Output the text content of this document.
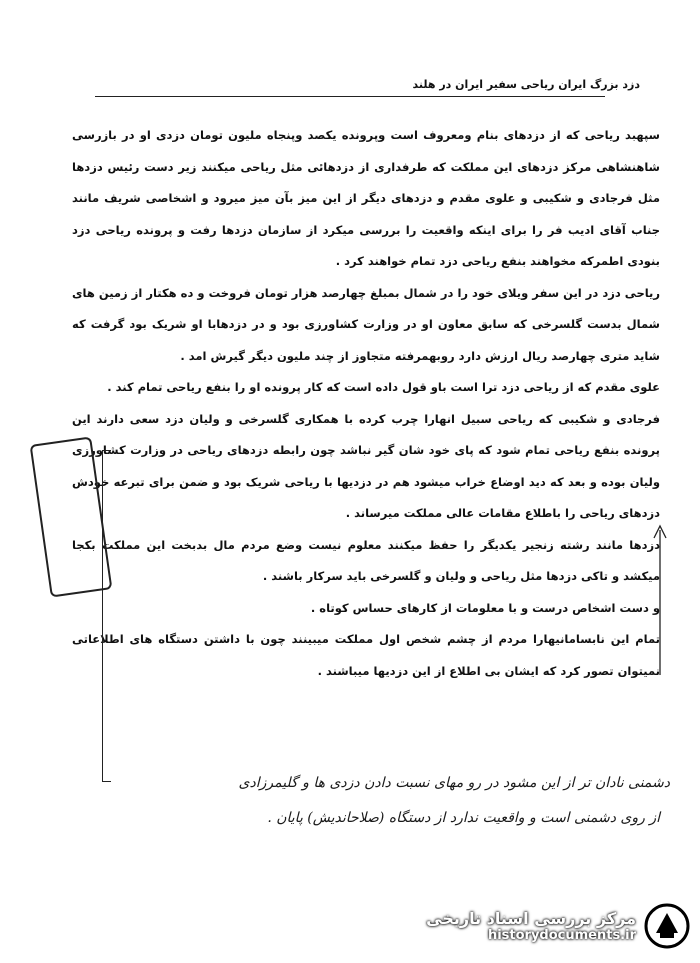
دزد بزرگ ایران ریاحی سفیر ایران در هلند

سپهبد ریاحی که از دزدهای بنام ومعروف است وپرونده یکصد وپنجاه ملیون تومان دزدی او در بازرسی شاهنشاهی مرکز دزدهای این مملکت که طرفداری از دزدهائی مثل ریاحی میکنند زیر دست رئیس دزدها مثل فرجادی و شکیبی و علوی مقدم و دزدهای دیگر از این میز بآن میز میرود و اشخاصی شریف مانند جناب آقای ادیب فر را برای اینکه واقعیت را بررسی میکرد از سازمان دزدها رفت و پرونده ریاحی دزد بنودی اطمرکه مخواهند بنفع ریاحی دزد تمام خواهند کرد .

ریاحی دزد در این سفر ویلای خود را در شمال بمبلغ چهارصد هزار تومان فروخت و ده هکتار از زمین های شمال بدست گلسرخی که سابق معاون او در وزارت کشاورزی بود و در دزدهابا او شریک بود گرفت که شاید متری چهارصد ریال ارزش دارد روبهمرفته متجاوز از چند ملیون دیگر گیرش امد .

علوی مقدم که از ریاحی دزد ترا است باو قول داده است که کار پرونده او را بنفع ریاحی تمام کند .

فرجادی و شکیبی که ریاحی سبیل انهارا چرب کرده با همکاری گلسرخی و ولیان دزد سعی دارند این پرونده بنفع ریاحی تمام شود که پای خود شان گیر نباشد چون رابطه دزدهای ریاحی در وزارت کشاورزی ولیان بوده و بعد که دید اوضاع خراب میشود هم در دزدیها با ریاحی شریک بود و ضمن برای تبرعه خودش دزدهای ریاحی را باطلاع مقامات عالی مملکت میرساند .

دزدها مانند رشته زنجیر یکدیگر را حفظ میکنند معلوم نیست وضع مردم مال بدبخت این مملکت بکجا میکشد و تاکی دزدها مثل ریاحی و ولیان و گلسرخی باید سرکار باشند .

و دست اشخاص درست و با معلومات از کارهای حساس کوتاه .

تمام این نابسامانیهارا مردم از چشم شخص اول مملکت میبینند چون با داشتن دستگاه های اطلاعاتی نمیتوان تصور کرد که ایشان بی اطلاع از این دزدیها میباشند .

دشمنی نادان تر از این مشود در رو مهای نسبت دادن دزدی ها و گلیمرزادی
از روی دشمنی است و واقعیت ندارد از دستگاه (صلاحاندیش) پایان .
مرکز بررسی اسناد تاریخی
historydocuments.ir
